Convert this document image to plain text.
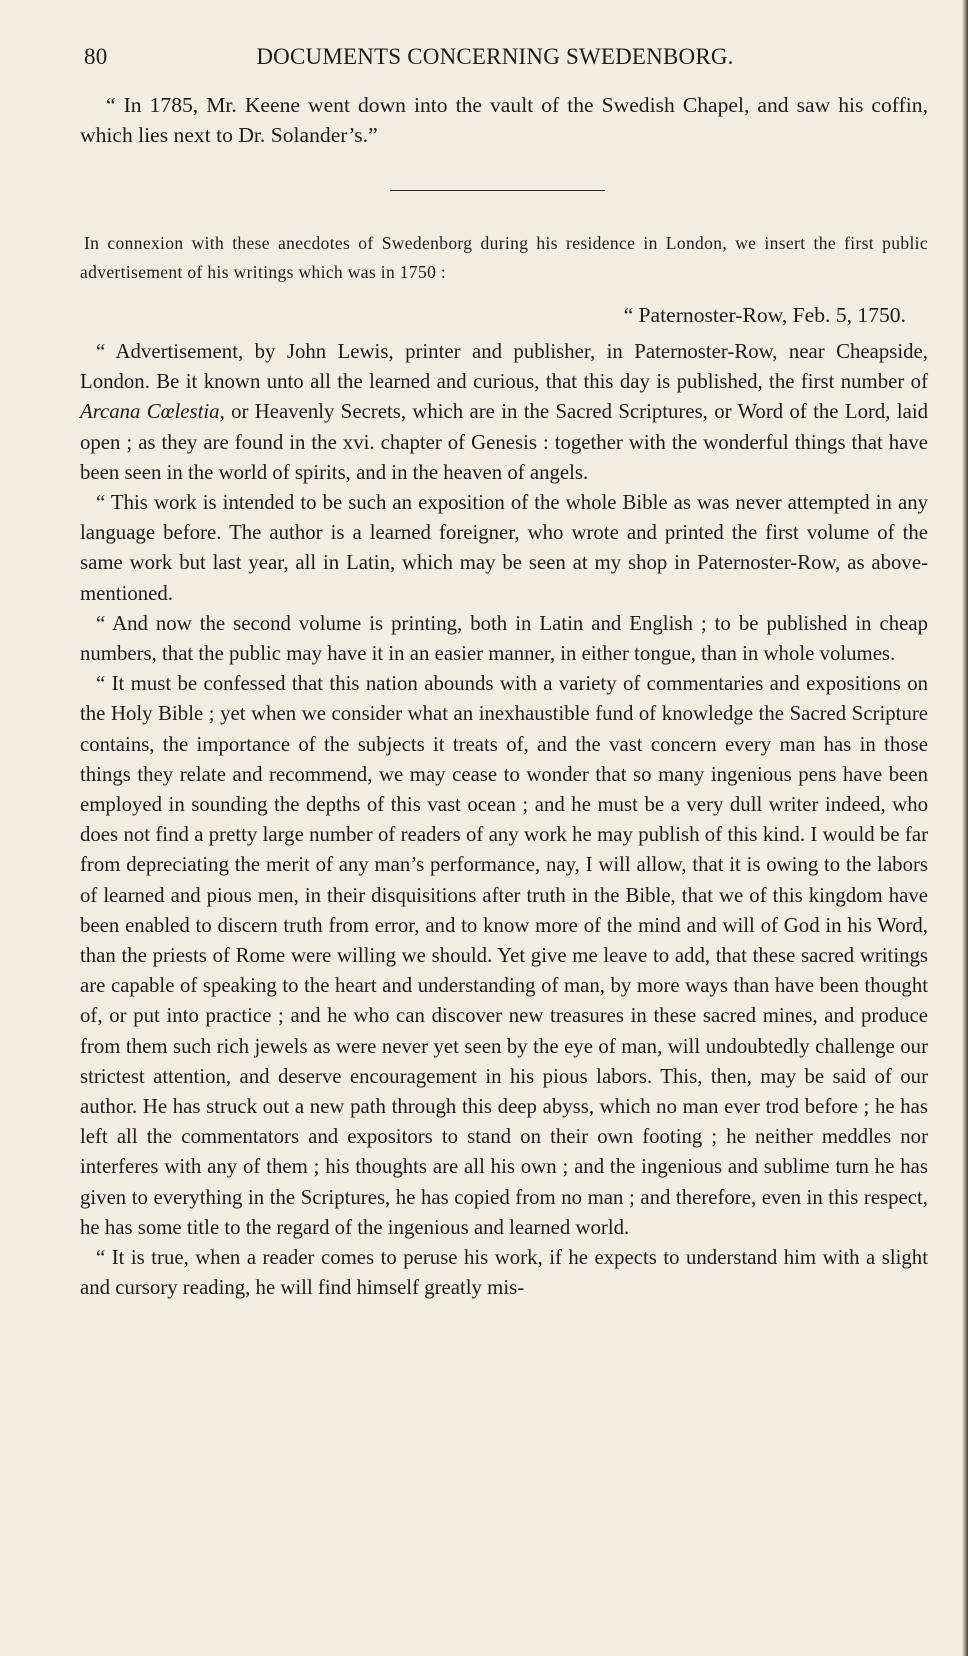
80	DOCUMENTS CONCERNING SWEDENBORG.

“ In 1785, Mr. Keene went down into the vault of the Swedish Chapel, and saw his coffin, which lies next to Dr. Solander’s.”

In connexion with these anecdotes of Swedenborg during his residence in London, we insert the first public advertisement of his writings which was in 1750 :

“ Paternoster-Row, Feb. 5, 1750.

“ Advertisement, by John Lewis, printer and publisher, in Paternoster-Row, near Cheapside, London. Be it known unto all the learned and curious, that this day is published, the first number of Arcana Cœlestia, or Heavenly Secrets, which are in the Sacred Scriptures, or Word of the Lord, laid open ; as they are found in the xvi. chapter of Genesis : together with the wonderful things that have been seen in the world of spirits, and in the heaven of angels.

“ This work is intended to be such an exposition of the whole Bible as was never attempted in any language before. The author is a learned foreigner, who wrote and printed the first volume of the same work but last year, all in Latin, which may be seen at my shop in Paternoster-Row, as above-mentioned.

“ And now the second volume is printing, both in Latin and English ; to be published in cheap numbers, that the public may have it in an easier manner, in either tongue, than in whole volumes.

“ It must be confessed that this nation abounds with a variety of commentaries and expositions on the Holy Bible ; yet when we consider what an inexhaustible fund of knowledge the Sacred Scripture contains, the importance of the subjects it treats of, and the vast concern every man has in those things they relate and recommend, we may cease to wonder that so many ingenious pens have been employed in sounding the depths of this vast ocean ; and he must be a very dull writer indeed, who does not find a pretty large number of readers of any work he may publish of this kind. I would be far from depreciating the merit of any man’s performance, nay, I will allow, that it is owing to the labors of learned and pious men, in their disquisitions after truth in the Bible, that we of this kingdom have been enabled to discern truth from error, and to know more of the mind and will of God in his Word, than the priests of Rome were willing we should. Yet give me leave to add, that these sacred writings are capable of speaking to the heart and understanding of man, by more ways than have been thought of, or put into practice ; and he who can discover new treasures in these sacred mines, and produce from them such rich jewels as were never yet seen by the eye of man, will undoubtedly challenge our strictest attention, and deserve encouragement in his pious labors. This, then, may be said of our author. He has struck out a new path through this deep abyss, which no man ever trod before ; he has left all the commentators and expositors to stand on their own footing ; he neither meddles nor interferes with any of them ; his thoughts are all his own ; and the ingenious and sublime turn he has given to everything in the Scriptures, he has copied from no man ; and therefore, even in this respect, he has some title to the regard of the ingenious and learned world.

“ It is true, when a reader comes to peruse his work, if he expects to understand him with a slight and cursory reading, he will find himself greatly mis-
